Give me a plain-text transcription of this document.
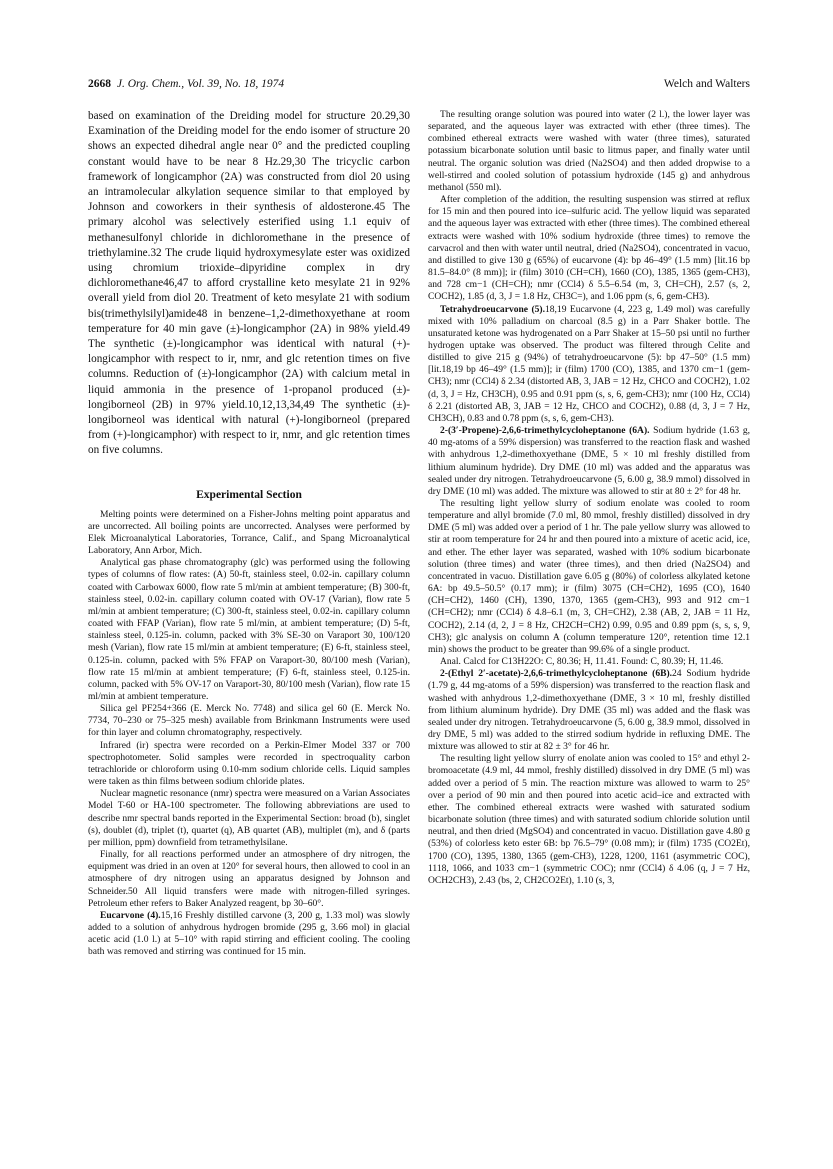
2668 J. Org. Chem., Vol. 39, No. 18, 1974	Welch and Walters

based on examination of the Dreiding model for structure 20.29,30 Examination of the Dreiding model for the endo isomer of structure 20 shows an expected dihedral angle near 0° and the predicted coupling constant would have to be near 8 Hz.29,30 The tricyclic carbon framework of longicamphor (2A) was constructed from diol 20 using an intramolecular alkylation sequence similar to that employed by Johnson and coworkers in their synthesis of aldosterone.45 The primary alcohol was selectively esterified using 1.1 equiv of methanesulfonyl chloride in dichloromethane in the presence of triethylamine.32 The crude liquid hydroxymesylate ester was oxidized using chromium trioxide–dipyridine complex in dry dichloromethane46,47 to afford crystalline keto mesylate 21 in 92% overall yield from diol 20. Treatment of keto mesylate 21 with sodium bis(trimethylsilyl)amide48 in benzene–1,2-dimethoxyethane at room temperature for 40 min gave (±)-longicamphor (2A) in 98% yield.49 The synthetic (±)-longicamphor was identical with natural (+)-longicamphor with respect to ir, nmr, and glc retention times on five columns. Reduction of (±)-longicamphor (2A) with calcium metal in liquid ammonia in the presence of 1-propanol produced (±)-longiborneol (2B) in 97% yield.10,12,13,34,49 The synthetic (±)-longiborneol was identical with natural (+)-longiborneol (prepared from (+)-longicamphor) with respect to ir, nmr, and glc retention times on five columns.

Experimental Section

Melting points were determined on a Fisher-Johns melting point apparatus and are uncorrected. All boiling points are uncorrected. Analyses were performed by Elek Microanalytical Laboratories, Torrance, Calif., and Spang Microanalytical Laboratory, Ann Arbor, Mich.

Analytical gas phase chromatography (glc) was performed using the following types of columns of flow rates: (A) 50-ft, stainless steel, 0.02-in. capillary column coated with Carbowax 6000, flow rate 5 ml/min at ambient temperature; (B) 300-ft, stainless steel, 0.02-in. capillary column coated with OV-17 (Varian), flow rate 5 ml/min at ambient temperature; (C) 300-ft, stainless steel, 0.02-in. capillary column coated with FFAP (Varian), flow rate 5 ml/min, at ambient temperature; (D) 5-ft, stainless steel, 0.125-in. column, packed with 3% SE-30 on Varaport 30, 100/120 mesh (Varian), flow rate 15 ml/min at ambient temperature; (E) 6-ft, stainless steel, 0.125-in. column, packed with 5% FFAP on Varaport-30, 80/100 mesh (Varian), flow rate 15 ml/min at ambient temperature; (F) 6-ft, stainless steel, 0.125-in. column, packed with 5% OV-17 on Varaport-30, 80/100 mesh (Varian), flow rate 15 ml/min at ambient temperature.

Silica gel PF254+366 (E. Merck No. 7748) and silica gel 60 (E. Merck No. 7734, 70–230 or 75–325 mesh) available from Brinkmann Instruments were used for thin layer and column chromatography, respectively.

Infrared (ir) spectra were recorded on a Perkin-Elmer Model 337 or 700 spectrophotometer. Solid samples were recorded in spectroquality carbon tetrachloride or chloroform using 0.10-mm sodium chloride cells. Liquid samples were taken as thin films between sodium chloride plates.

Nuclear magnetic resonance (nmr) spectra were measured on a Varian Associates Model T-60 or HA-100 spectrometer. The following abbreviations are used to describe nmr spectral bands reported in the Experimental Section: broad (b), singlet (s), doublet (d), triplet (t), quartet (q), AB quartet (AB), multiplet (m), and δ (parts per million, ppm) downfield from tetramethylsilane.

Finally, for all reactions performed under an atmosphere of dry nitrogen, the equipment was dried in an oven at 120° for several hours, then allowed to cool in an atmosphere of dry nitrogen using an apparatus designed by Johnson and Schneider.50 All liquid transfers were made with nitrogen-filled syringes. Petroleum ether refers to Baker Analyzed reagent, bp 30–60°.

Eucarvone (4).15,16 Freshly distilled carvone (3, 200 g, 1.33 mol) was slowly added to a solution of anhydrous hydrogen bromide (295 g, 3.66 mol) in glacial acetic acid (1.0 l.) at 5–10° with rapid stirring and efficient cooling. The cooling bath was removed and stirring was continued for 15 min.

The resulting orange solution was poured into water (2 l.), the lower layer was separated, and the aqueous layer was extracted with ether (three times). The combined ethereal extracts were washed with water (three times), saturated potassium bicarbonate solution until basic to litmus paper, and finally water until neutral. The organic solution was dried (Na2SO4) and then added dropwise to a well-stirred and cooled solution of potassium hydroxide (145 g) and anhydrous methanol (550 ml).

After completion of the addition, the resulting suspension was stirred at reflux for 15 min and then poured into ice–sulfuric acid. The yellow liquid was separated and the aqueous layer was extracted with ether (three times). The combined ethereal extracts were washed with 10% sodium hydroxide (three times) to remove the carvacrol and then with water until neutral, dried (Na2SO4), concentrated in vacuo, and distilled to give 130 g (65%) of eucarvone (4): bp 46–49° (1.5 mm) [lit.16 bp 81.5–84.0° (8 mm)]; ir (film) 3010 (CH=CH), 1660 (CO), 1385, 1365 (gem-CH3), and 728 cm−1 (CH=CH); nmr (CCl4) δ 5.5–6.54 (m, 3, CH=CH), 2.57 (s, 2, COCH2), 1.85 (d, 3, J = 1.8 Hz, CH3C=), and 1.06 ppm (s, 6, gem-CH3).

Tetrahydroeucarvone (5).18,19 Eucarvone (4, 223 g, 1.49 mol) was carefully mixed with 10% palladium on charcoal (8.5 g) in a Parr Shaker bottle. The unsaturated ketone was hydrogenated on a Parr Shaker at 15–50 psi until no further hydrogen uptake was observed. The product was filtered through Celite and distilled to give 215 g (94%) of tetrahydroeucarvone (5): bp 47–50° (1.5 mm) [lit.18,19 bp 46–49° (1.5 mm)]; ir (film) 1700 (CO), 1385, and 1370 cm−1 (gem-CH3); nmr (CCl4) δ 2.34 (distorted AB, 3, JAB = 12 Hz, CHCO and COCH2), 1.02 (d, 3, J = Hz, CH3CH), 0.95 and 0.91 ppm (s, s, 6, gem-CH3); nmr (100 Hz, CCl4) δ 2.21 (distorted AB, 3, JAB = 12 Hz, CHCO and COCH2), 0.88 (d, 3, J = 7 Hz, CH3CH), 0.83 and 0.78 ppm (s, s, 6, gem-CH3).

2-(3′-Propene)-2,6,6-trimethylcycloheptanone (6A). Sodium hydride (1.63 g, 40 mg-atoms of a 59% dispersion) was transferred to the reaction flask and washed with anhydrous 1,2-dimethoxyethane (DME, 5 × 10 ml freshly distilled from lithium aluminum hydride). Dry DME (10 ml) was added and the apparatus was sealed under dry nitrogen. Tetrahydroeucarvone (5, 6.00 g, 38.9 mmol) dissolved in dry DME (10 ml) was added. The mixture was allowed to stir at 80 ± 2° for 48 hr.

The resulting light yellow slurry of sodium enolate was cooled to room temperature and allyl bromide (7.0 ml, 80 mmol, freshly distilled) dissolved in dry DME (5 ml) was added over a period of 1 hr. The pale yellow slurry was allowed to stir at room temperature for 24 hr and then poured into a mixture of acetic acid, ice, and ether. The ether layer was separated, washed with 10% sodium bicarbonate solution (three times) and water (three times), and then dried (Na2SO4) and concentrated in vacuo. Distillation gave 6.05 g (80%) of colorless alkylated ketone 6A: bp 49.5–50.5° (0.17 mm); ir (film) 3075 (CH=CH2), 1695 (CO), 1640 (CH=CH2), 1460 (CH), 1390, 1370, 1365 (gem-CH3), 993 and 912 cm−1 (CH=CH2); nmr (CCl4) δ 4.8–6.1 (m, 3, CH=CH2), 2.38 (AB, 2, JAB = 11 Hz, COCH2), 2.14 (d, 2, J = 8 Hz, CH2CH=CH2) 0.99, 0.95 and 0.89 ppm (s, s, s, 9, CH3); glc analysis on column A (column temperature 120°, retention time 12.1 min) shows the product to be greater than 99.6% of a single product.

Anal. Calcd for C13H22O: C, 80.36; H, 11.41. Found: C, 80.39; H, 11.46.

2-(Ethyl 2′-acetate)-2,6,6-trimethylcycloheptanone (6B).24 Sodium hydride (1.79 g, 44 mg-atoms of a 59% dispersion) was transferred to the reaction flask and washed with anhydrous 1,2-dimethoxyethane (DME, 3 × 10 ml, freshly distilled from lithium aluminum hydride). Dry DME (35 ml) was added and the flask was sealed under dry nitrogen. Tetrahydroeucarvone (5, 6.00 g, 38.9 mmol, dissolved in dry DME, 5 ml) was added to the stirred sodium hydride in refluxing DME. The mixture was allowed to stir at 82 ± 3° for 46 hr.

The resulting light yellow slurry of enolate anion was cooled to 15° and ethyl 2-bromoacetate (4.9 ml, 44 mmol, freshly distilled) dissolved in dry DME (5 ml) was added over a period of 5 min. The reaction mixture was allowed to warm to 25° over a period of 90 min and then poured into acetic acid–ice and extracted with ether. The combined ethereal extracts were washed with saturated sodium bicarbonate solution (three times) and with saturated sodium chloride solution until neutral, and then dried (MgSO4) and concentrated in vacuo. Distillation gave 4.80 g (53%) of colorless keto ester 6B: bp 76.5–79° (0.08 mm); ir (film) 1735 (CO2Et), 1700 (CO), 1395, 1380, 1365 (gem-CH3), 1228, 1200, 1161 (asymmetric COC), 1118, 1066, and 1033 cm−1 (symmetric COC); nmr (CCl4) δ 4.06 (q, J = 7 Hz, OCH2CH3), 2.43 (bs, 2, CH2CO2Et), 1.10 (s, 3,
